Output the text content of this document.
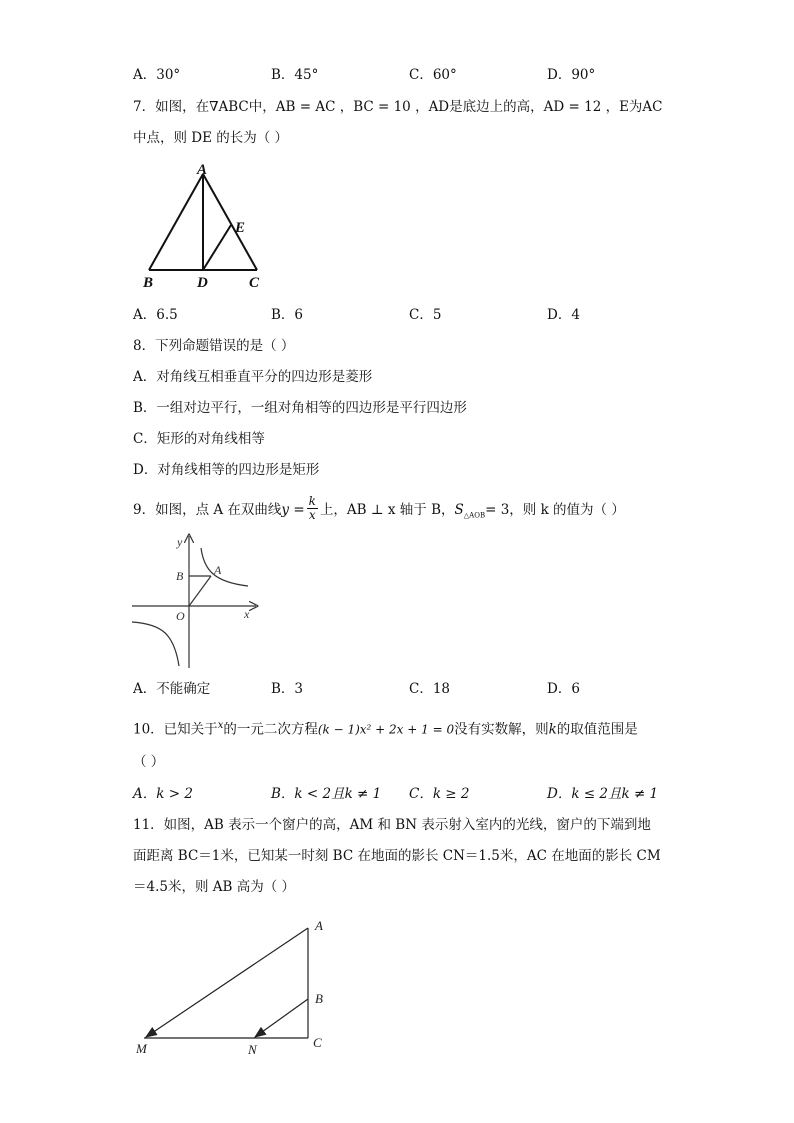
A．30°	B．45°	C．60°	D．90°
7．如图，在∇ABC中，AB = AC ，BC = 10 ，AD是底边上的高，AD = 12 ，E为AC
中点，则 DE 的长为（ ）
A
B	D	C
E
A．6.5	B．6	C．5	D．4
8．下列命题错误的是（ ）
A．对角线互相垂直平分的四边形是菱形
B．一组对边平行，一组对角相等的四边形是平行四边形
C．矩形的对角线相等
D．对角线相等的四边形是矩形
9．如图，点 A 在双曲线$y = \frac{k}{x}$ 上，AB ⊥ x 轴于 B，$S_{\triangle AOB}= 3$，则 k 的值为（ ）
y
x
O
A
B
A．不能确定	B．3	C．18	D．6
10．已知关于$^x$的一元二次方程(k − 1)x² + 2x + 1 = 0没有实数解，则k的取值范围是
（ ）
A．k > 2	B．k < 2且k ≠ 1 C．k ≥ 2	D．k ≤ 2且k ≠ 1
11．如图，AB 表示一个窗户的高，AM 和 BN 表示射入室内的光线，窗户的下端到地
面距离 BC＝1米，已知某一时刻 BC 在地面的影长 CN＝1.5米，AC 在地面的影长 CM
＝4.5米，则 AB 高为（ ）
A
B
C
M	N
